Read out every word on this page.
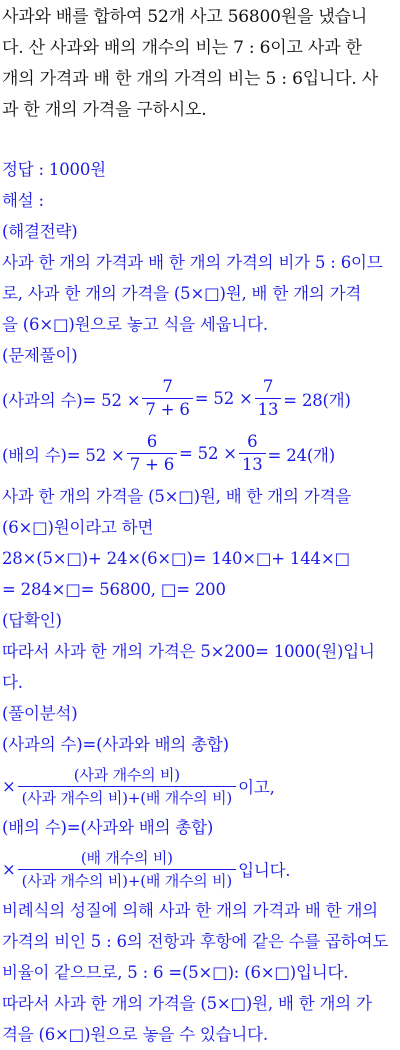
사과와 배를 합하여 52개 사고 56800원을 냈습니
다. 산 사과와 배의 개수의 비는 7 : 6이고 사과 한
개의 가격과 배 한 개의 가격의 비는 5 : 6입니다. 사
과 한 개의 가격을 구하시오.
정답 : 1000원
해설 :
(해결전략)
사과 한 개의 가격과 배 한 개의 가격의 비가 5 : 6이므
로, 사과 한 개의 가격을 (5×□)원, 배 한 개의 가격
을 (6×□)원으로 놓고 식을 세웁니다.
(문제풀이)
(사과의 수)= $52 \times \frac{7}{7 + 6} = 52 \times \frac{7}{13} = 28$(개)
(배의 수)= $52 \times \frac{6}{7 + 6} = 52 \times \frac{6}{13} = 24$(개)
사과 한 개의 가격을 (5×□)원, 배 한 개의 가격을
(6×□)원이라고 하면
28×(5×□)+ 24×(6×□)= 140×□+ 144×□
= 284×□= 56800, □= 200
(답확인)
따라서 사과 한 개의 가격은 5×200= 1000(원)입니
다.
(풀이분석)
(사과의 수)=(사과와 배의 총합)
× $\frac{\text{(사과 개수의 비)}}{\text{(사과 개수의 비)+(배 개수의 비)}}$ 이고,
(배의 수)=(사과와 배의 총합)
× $\frac{\text{(배 개수의 비)}}{\text{(사과 개수의 비)+(배 개수의 비)}}$ 입니다.
비례식의 성질에 의해 사과 한 개의 가격과 배 한 개의
가격의 비인 5 : 6의 전항과 후항에 같은 수를 곱하여도
비율이 같으므로, 5 : 6 =(5×□): (6×□)입니다.
따라서 사과 한 개의 가격을 (5×□)원, 배 한 개의 가
격을 (6×□)원으로 놓을 수 있습니다.
